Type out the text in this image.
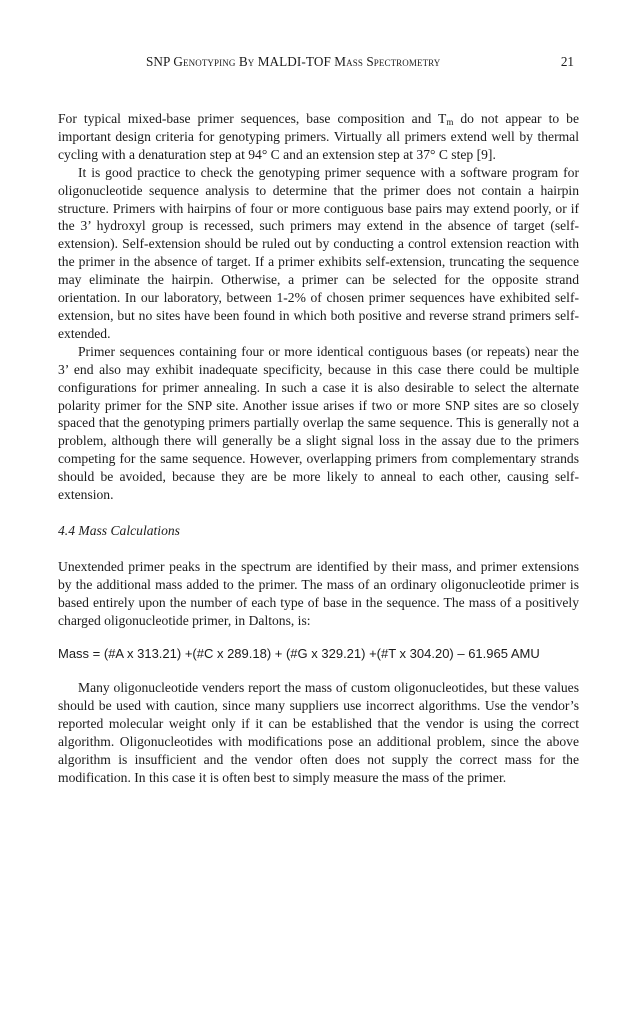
SNP Genotyping By MALDI-TOF Mass Spectrometry	21

For typical mixed-base primer sequences, base composition and $T_m$ do not appear to be important design criteria for genotyping primers. Virtually all primers extend well by thermal cycling with a denaturation step at 94° C and an extension step at 37° C step [9].

It is good practice to check the genotyping primer sequence with a software program for oligonucleotide sequence analysis to determine that the primer does not contain a hairpin structure. Primers with hairpins of four or more contiguous base pairs may extend poorly, or if the 3’ hydroxyl group is recessed, such primers may extend in the absence of target (self-extension). Self-extension should be ruled out by conducting a control extension reaction with the primer in the absence of target. If a primer exhibits self-extension, truncating the sequence may eliminate the hairpin. Otherwise, a primer can be selected for the opposite strand orientation. In our laboratory, between 1-2% of chosen primer sequences have exhibited self-extension, but no sites have been found in which both positive and reverse strand primers self-extended.

Primer sequences containing four or more identical contiguous bases (or repeats) near the 3’ end also may exhibit inadequate specificity, because in this case there could be multiple configurations for primer annealing. In such a case it is also desirable to select the alternate polarity primer for the SNP site. Another issue arises if two or more SNP sites are so closely spaced that the genotyping primers partially overlap the same sequence. This is generally not a problem, although there will generally be a slight signal loss in the assay due to the primers competing for the same sequence. However, overlapping primers from complementary strands should be avoided, because they are be more likely to anneal to each other, causing self-extension.

4.4 Mass Calculations

Unextended primer peaks in the spectrum are identified by their mass, and primer extensions by the additional mass added to the primer. The mass of an ordinary oligonucleotide primer is based entirely upon the number of each type of base in the sequence. The mass of a positively charged oligonucleotide primer, in Daltons, is:

Mass = (#A x 313.21) +(#C x 289.18) + (#G x 329.21) +(#T x 304.20) – 61.965 AMU

Many oligonucleotide venders report the mass of custom oligonucleotides, but these values should be used with caution, since many suppliers use incorrect algorithms. Use the vendor’s reported molecular weight only if it can be established that the vendor is using the correct algorithm. Oligonucleotides with modifications pose an additional problem, since the above algorithm is insufficient and the vendor often does not supply the correct mass for the modification. In this case it is often best to simply measure the mass of the primer.
